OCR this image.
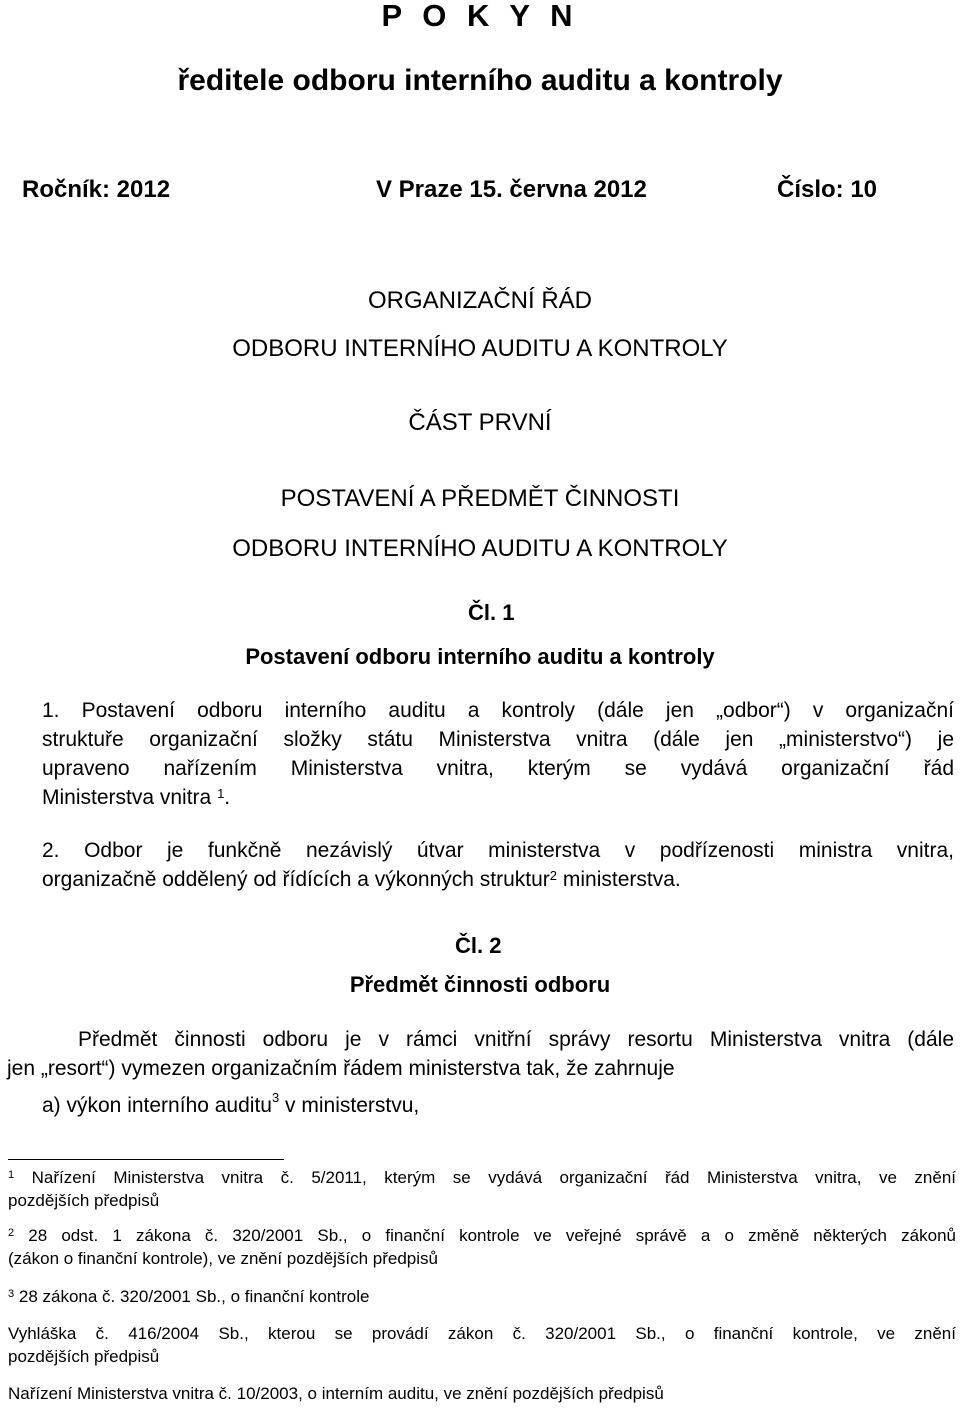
P O K Y N
ředitele odboru interního auditu a kontroly
Ročník: 2012	V Praze 15. června 2012	Číslo: 10
ORGANIZAČNÍ ŘÁD
ODBORU INTERNÍHO AUDITU A KONTROLY
ČÁST PRVNÍ
POSTAVENÍ A PŘEDMĚT ČINNOSTI
ODBORU INTERNÍHO AUDITU A KONTROLY
Čl. 1
Postavení odboru interního auditu a kontroly
1. Postavení odboru interního auditu a kontroly (dále jen „odbor“) v organizační
struktuře organizační složky státu Ministerstva vnitra (dále jen „ministerstvo“) je
upraveno nařízením Ministerstva vnitra, kterým se vydává organizační řád
Ministerstva vnitra $^1$.
2. Odbor je funkčně nezávislý útvar ministerstva v podřízenosti ministra vnitra,
organizačně oddělený od řídících a výkonných struktur$^2$ ministerstva.
Čl. 2
Předmět činnosti odboru
Předmět činnosti odboru je v rámci vnitřní správy resortu Ministerstva vnitra (dále
jen „resort“) vymezen organizačním řádem ministerstva tak, že zahrnuje
a) výkon interního auditu$^3$ v ministerstvu,
$^1$ Nařízení Ministerstva vnitra č. 5/2011, kterým se vydává organizační řád Ministerstva vnitra, ve znění
pozdějších předpisů
$^2$ 28 odst. 1 zákona č. 320/2001 Sb., o finanční kontrole ve veřejné správě a o změně některých zákonů
(zákon o finanční kontrole), ve znění pozdějších předpisů
$^3$ 28 zákona č. 320/2001 Sb., o finanční kontrole
Vyhláška č. 416/2004 Sb., kterou se provádí zákon č. 320/2001 Sb., o finanční kontrole, ve znění
pozdějších předpisů
Nařízení Ministerstva vnitra č. 10/2003, o interním auditu, ve znění pozdějších předpisů
